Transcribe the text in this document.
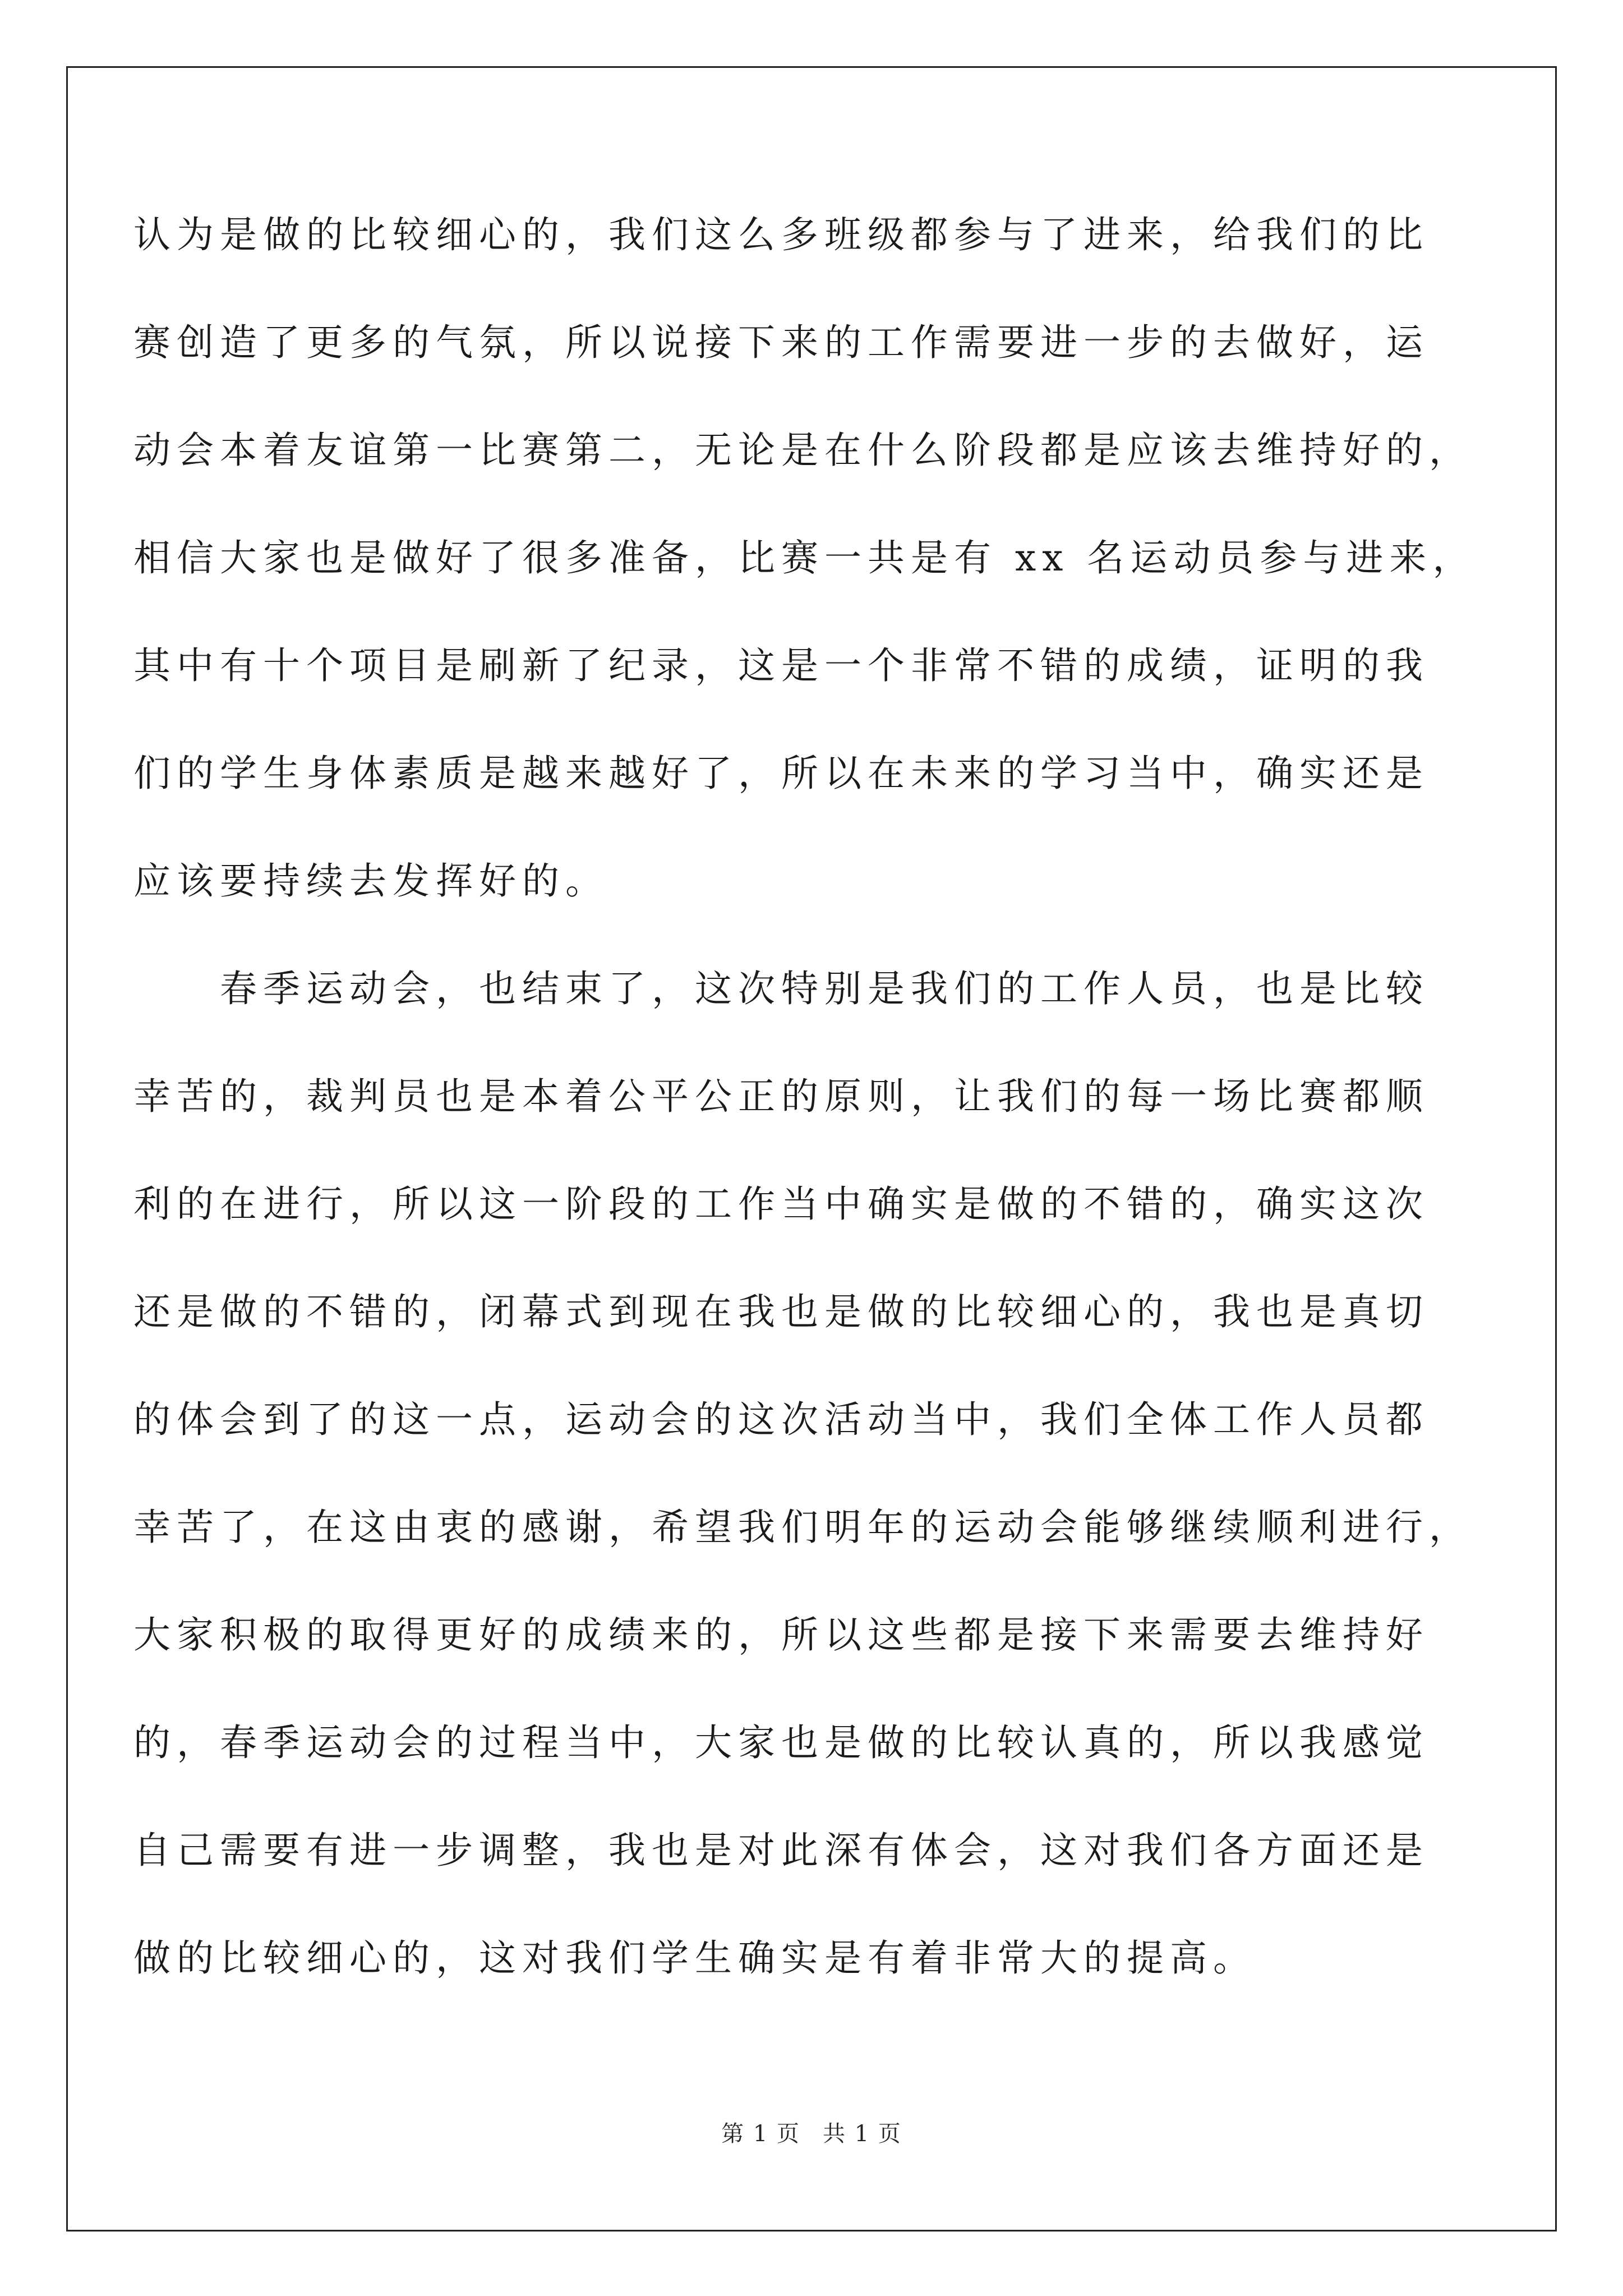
认为是做的比较细心的，我们这么多班级都参与了进来，给我们的比
赛创造了更多的气氛，所以说接下来的工作需要进一步的去做好，运
动会本着友谊第一比赛第二，无论是在什么阶段都是应该去维持好的，
相信大家也是做好了很多准备，比赛一共是有 xx 名运动员参与进来，
其中有十个项目是刷新了纪录，这是一个非常不错的成绩，证明的我
们的学生身体素质是越来越好了，所以在未来的学习当中，确实还是
应该要持续去发挥好的。
春季运动会，也结束了，这次特别是我们的工作人员，也是比较
幸苦的，裁判员也是本着公平公正的原则，让我们的每一场比赛都顺
利的在进行，所以这一阶段的工作当中确实是做的不错的，确实这次
还是做的不错的，闭幕式到现在我也是做的比较细心的，我也是真切
的体会到了的这一点，运动会的这次活动当中，我们全体工作人员都
幸苦了，在这由衷的感谢，希望我们明年的运动会能够继续顺利进行，
大家积极的取得更好的成绩来的，所以这些都是接下来需要去维持好
的，春季运动会的过程当中，大家也是做的比较认真的，所以我感觉
自己需要有进一步调整，我也是对此深有体会，这对我们各方面还是
做的比较细心的，这对我们学生确实是有着非常大的提高。
第 1 页 共 1 页
